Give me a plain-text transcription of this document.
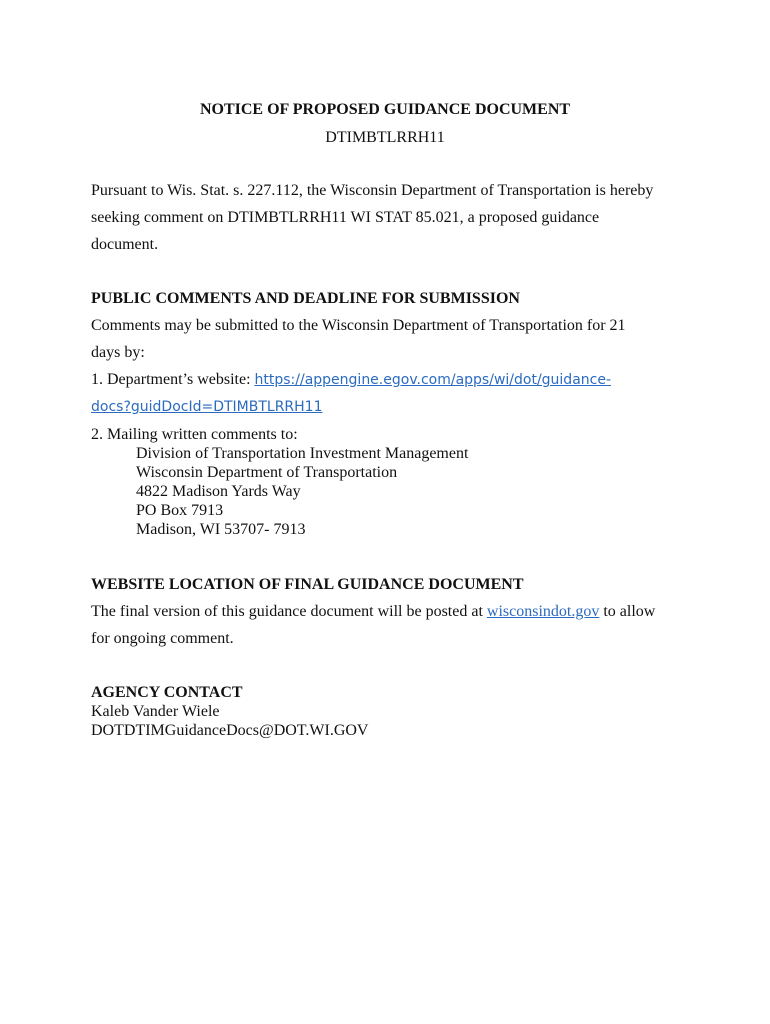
NOTICE OF PROPOSED GUIDANCE DOCUMENT

DTIMBTLRRH11

Pursuant to Wis. Stat. s. 227.112, the Wisconsin Department of Transportation is hereby

seeking comment on DTIMBTLRRH11 WI STAT 85.021, a proposed guidance

document.

PUBLIC COMMENTS AND DEADLINE FOR SUBMISSION

Comments may be submitted to the Wisconsin Department of Transportation for 21

days by:

1. Department’s website: https://appengine.egov.com/apps/wi/dot/guidance-

docs?guidDocId=DTIMBTLRRH11

2. Mailing written comments to:

Division of Transportation Investment Management

Wisconsin Department of Transportation

4822 Madison Yards Way

PO Box 7913

Madison, WI 53707- 7913

WEBSITE LOCATION OF FINAL GUIDANCE DOCUMENT

The final version of this guidance document will be posted at wisconsindot.gov to allow

for ongoing comment.

AGENCY CONTACT

Kaleb Vander Wiele

DOTDTIMGuidanceDocs@DOT.WI.GOV
